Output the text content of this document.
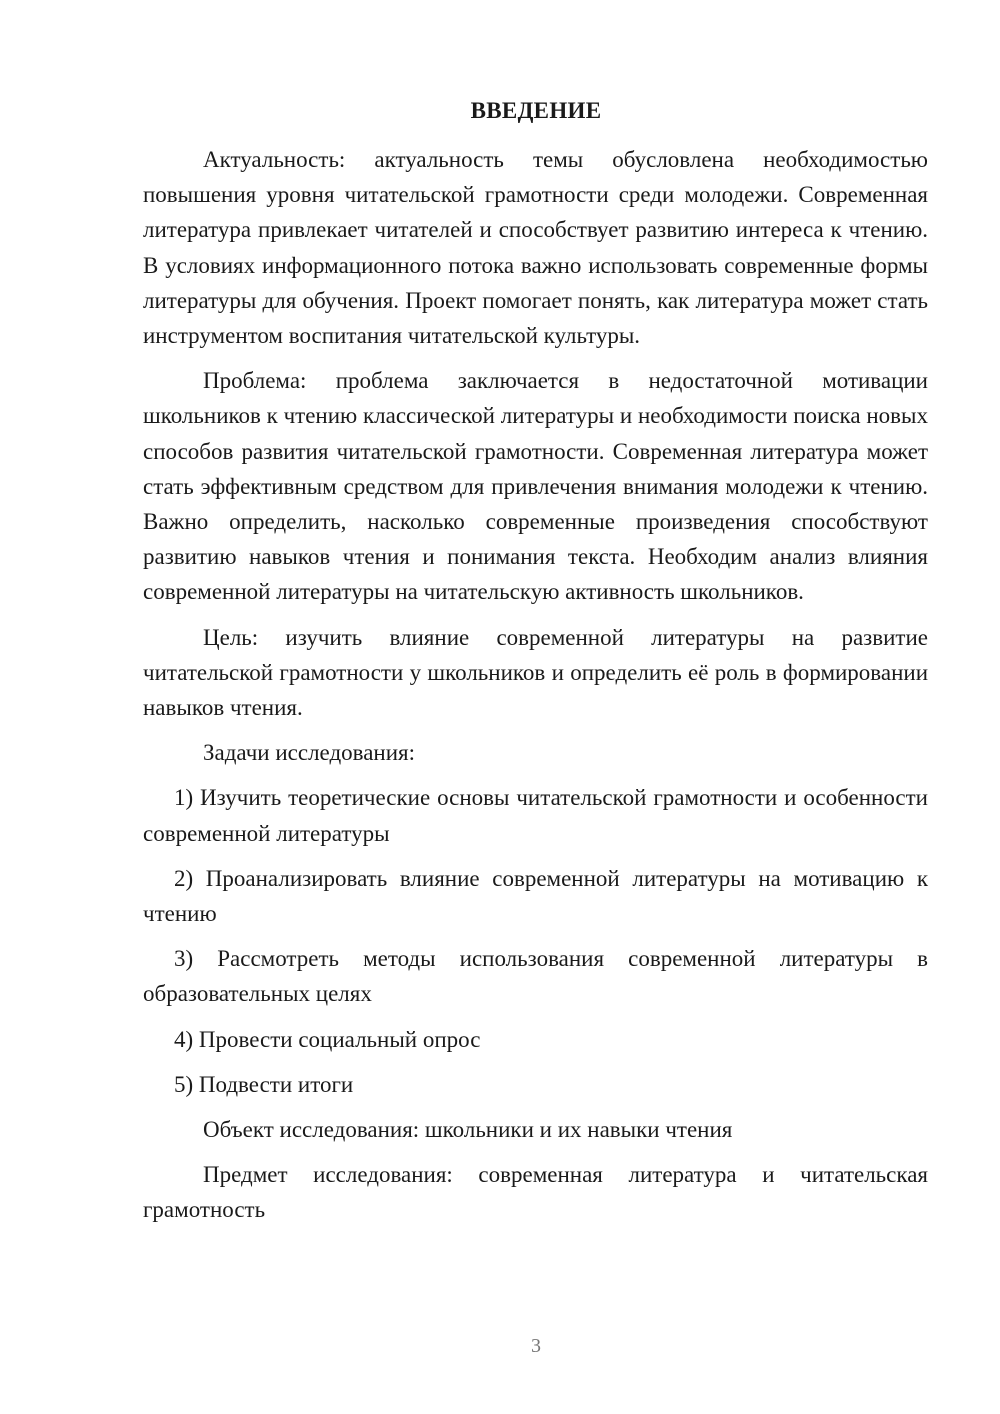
ВВЕДЕНИЕ

Актуальность: актуальность темы обусловлена необходимостью повышения уровня читательской грамотности среди молодежи. Современная литература привлекает читателей и способствует развитию интереса к чтению. В условиях информационного потока важно использовать современные формы литературы для обучения. Проект помогает понять, как литература может стать инструментом воспитания читательской культуры.

Проблема: проблема заключается в недостаточной мотивации школьников к чтению классической литературы и необходимости поиска новых способов развития читательской грамотности. Современная литература может стать эффективным средством для привлечения внимания молодежи к чтению. Важно определить, насколько современные произведения способствуют развитию навыков чтения и понимания текста. Необходим анализ влияния современной литературы на читательскую активность школьников.

Цель: изучить влияние современной литературы на развитие читательской грамотности у школьников и определить её роль в формировании навыков чтения.

Задачи исследования:

1) Изучить теоретические основы читательской грамотности и особенности современной литературы

2) Проанализировать влияние современной литературы на мотивацию к чтению

3) Рассмотреть методы использования современной литературы в образовательных целях

4) Провести социальный опрос

5) Подвести итоги

Объект исследования: школьники и их навыки чтения

Предмет исследования: современная литература и читательская грамотность

3
